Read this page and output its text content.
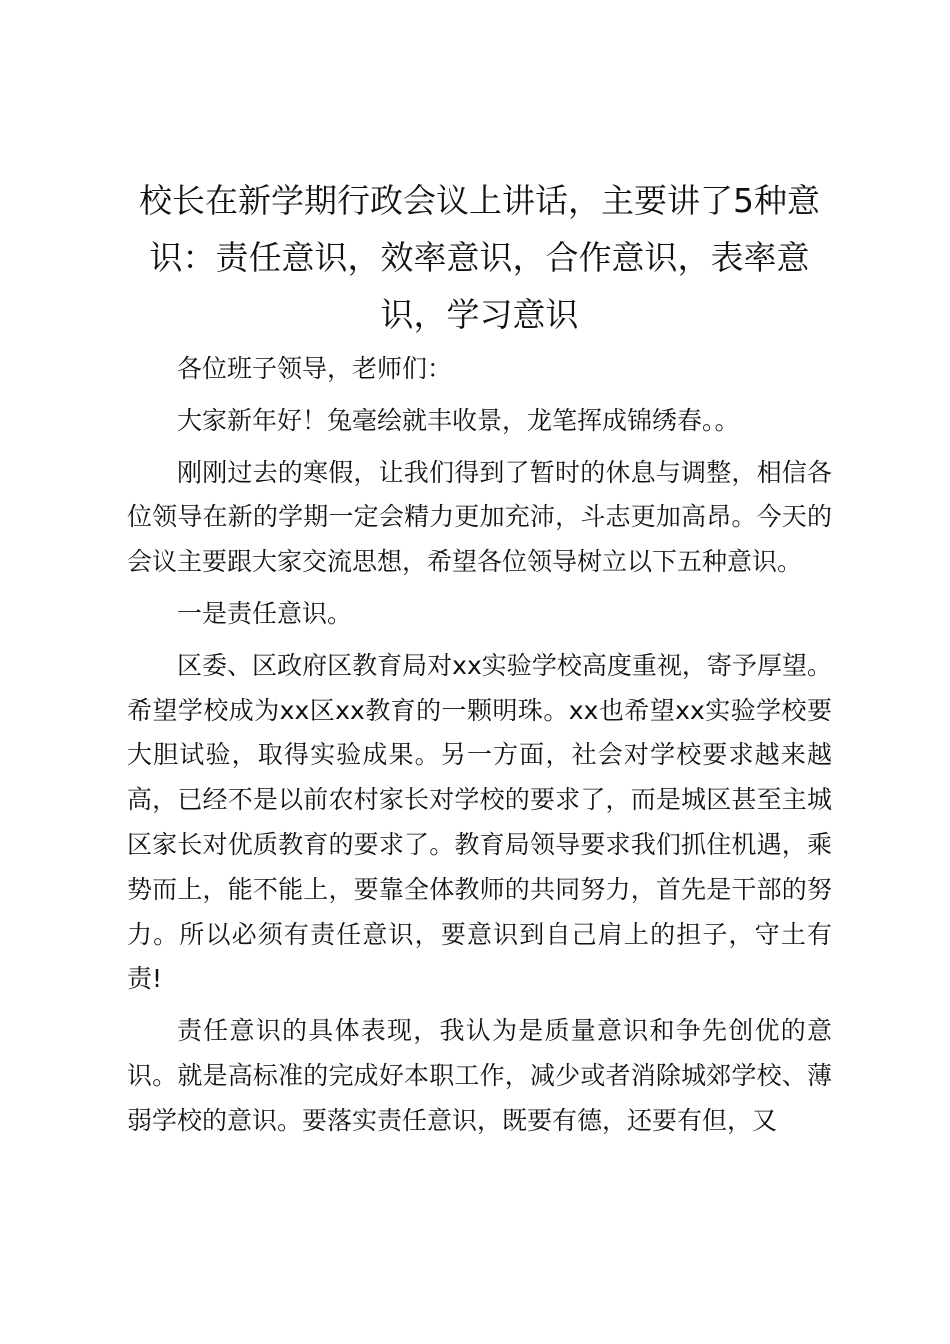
校长在新学期行政会议上讲话，主要讲了5种意识：责任意识，效率意识，合作意识，表率意识，学习意识

各位班子领导，老师们：

大家新年好！兔毫绘就丰收景，龙笔挥成锦绣春。。

刚刚过去的寒假，让我们得到了暂时的休息与调整，相信各位领导在新的学期一定会精力更加充沛，斗志更加高昂。今天的会议主要跟大家交流思想，希望各位领导树立以下五种意识。

一是责任意识。

区委、区政府区教育局对xx实验学校高度重视，寄予厚望。希望学校成为xx区xx教育的一颗明珠。xx也希望xx实验学校要大胆试验，取得实验成果。另一方面，社会对学校要求越来越高，已经不是以前农村家长对学校的要求了，而是城区甚至主城区家长对优质教育的要求了。教育局领导要求我们抓住机遇，乘势而上，能不能上，要靠全体教师的共同努力，首先是干部的努力。所以必须有责任意识，要意识到自己肩上的担子，守土有责!

责任意识的具体表现，我认为是质量意识和争先创优的意识。就是高标准的完成好本职工作，减少或者消除城郊学校、薄弱学校的意识。要落实责任意识，既要有德，还要有但，又
